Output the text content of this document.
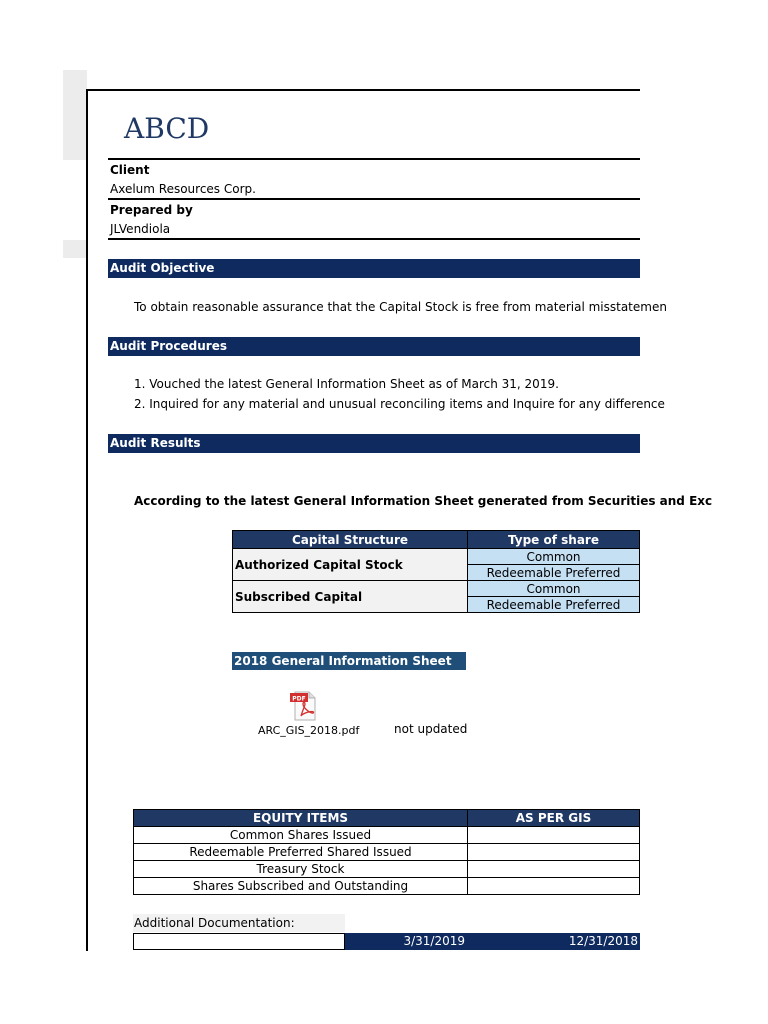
ABCD
Client
Axelum Resources Corp.
Prepared by
JLVendiola
Audit Objective
To obtain reasonable assurance that the Capital Stock is free from material misstatemen
Audit Procedures
1. Vouched the latest General Information Sheet as of March 31, 2019.
2. Inquired for any material and unusual reconciling items and Inquire for any difference
Audit Results
According to the latest General Information Sheet generated from Securities and Exc
Capital Structure	Type of share
Authorized Capital Stock	Common
	Redeemable Preferred
Subscribed Capital	Common
	Redeemable Preferred
2018 General Information Sheet
PDF
ARC_GIS_2018.pdf	not updated
EQUITY ITEMS	AS PER GIS
Common Shares Issued	
Redeemable Preferred Shared Issued	
Treasury Stock	
Shares Subscribed and Outstanding	
Additional Documentation:
3/31/2019	12/31/2018
